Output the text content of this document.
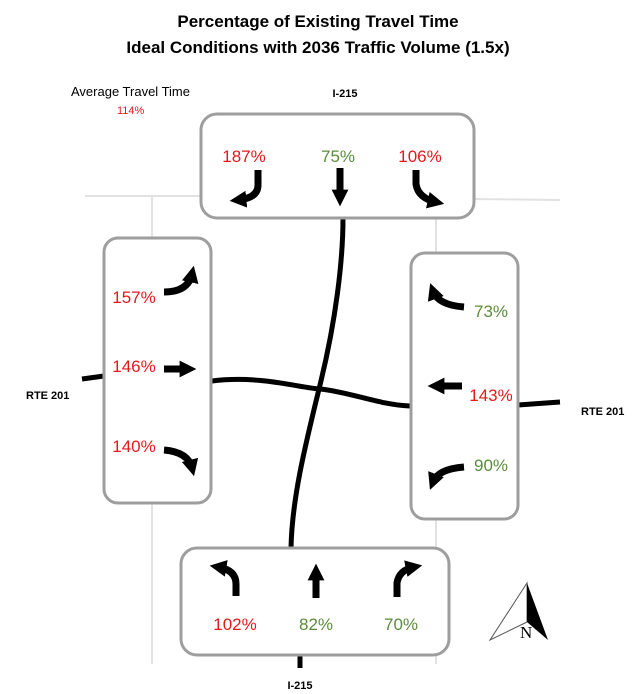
Percentage of Existing Travel Time
Ideal Conditions with 2036 Traffic Volume (1.5x)
Average Travel Time
114%
I-215
I-215
RTE 201
RTE 201
187%	75%	106%
157%
146%
140%
73%
143%
90%
102% 82%	70%	N
